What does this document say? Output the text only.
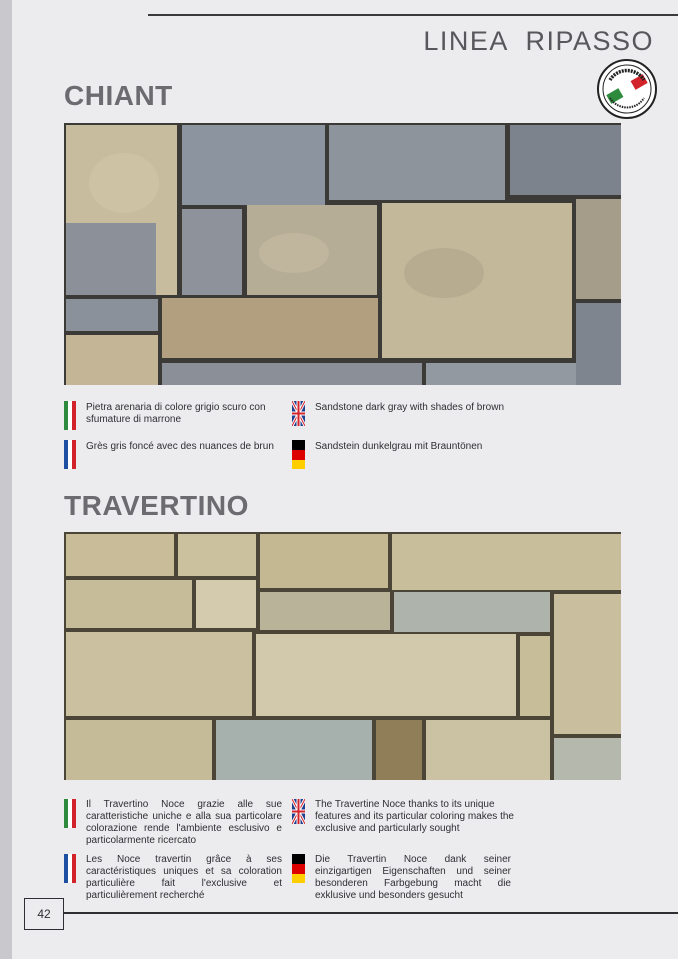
LINEA  RIPASSO
CHIANT
Pietra arenaria di colore grigio scuro con sfumature di marrone
Sandstone dark gray with shades of brown
Grès gris foncé avec des nuances de brun	Sandstein dunkelgrau mit Brauntönen
TRAVERTINO
Il Travertino Noce grazie alle sue caratteristiche uniche e alla sua particolare colorazione rende l'ambiente esclusivo e particolarmente ricercato
The Travertine Noce thanks to its unique features and its particular coloring makes the exclusive and particularly sought
Les Noce travertin grâce à ses caractéristiques uniques et sa coloration particulière fait l'exclusive et particulièrement recherché
Die Travertin Noce dank seiner einzigartigen Eigenschaften und seiner besonderen Farbgebung macht die exklusive und besonders gesucht
42
